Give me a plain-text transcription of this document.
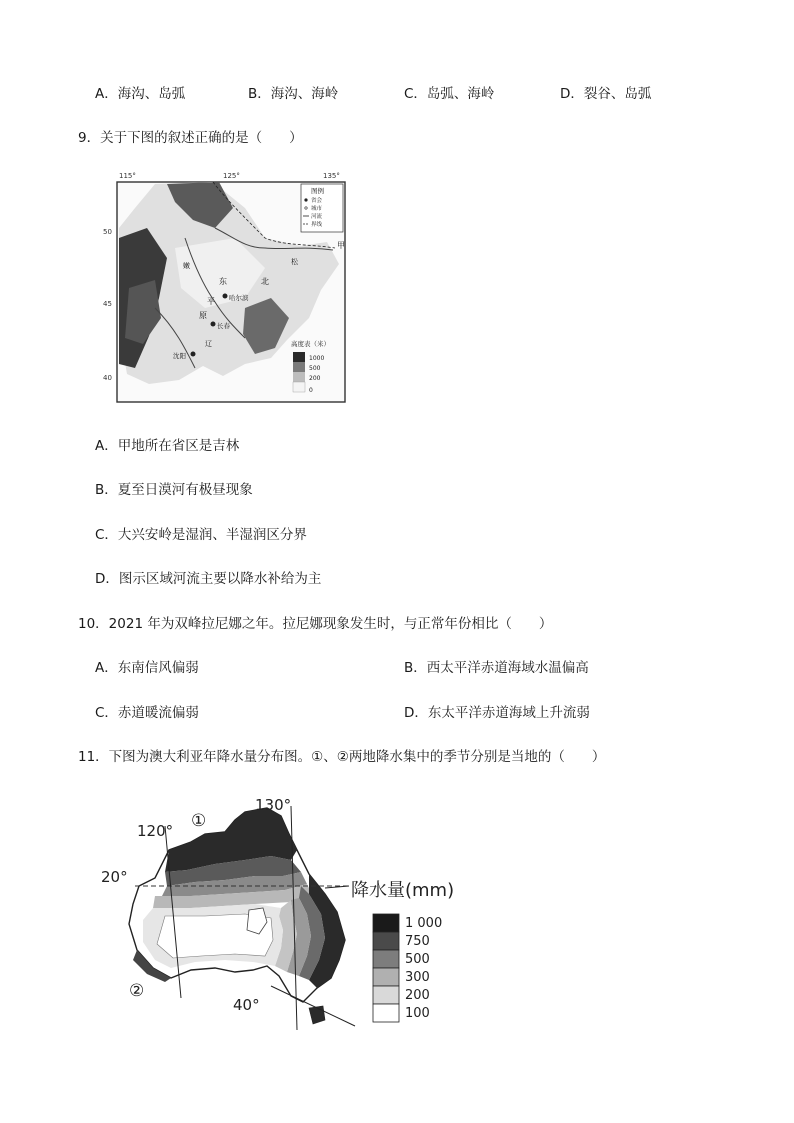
A．海沟、岛弧	B．海沟、海岭	C．岛弧、海岭	D．裂谷、岛弧
9．关于下图的叙述正确的是（　　）
115°	125°	135°
50
45
40
甲
东	北
平
原
哈尔滨
长春
沈阳
松
嫩
辽
图例
省会
城市
河流
界线
高度表（米）
1000
500
200
0
A．甲地所在省区是吉林
B．夏至日漠河有极昼现象
C．大兴安岭是湿润、半湿润区分界
D．图示区域河流主要以降水补给为主
10．2021 年为双峰拉尼娜之年。拉尼娜现象发生时，与正常年份相比（　　）
A．东南信风偏弱	B．西太平洋赤道海域水温偏高
C．赤道暖流偏弱	D．东太平洋赤道海域上升流弱
11．下图为澳大利亚年降水量分布图。①、②两地降水集中的季节分别是当地的（　　）
120°
130°
20°
40°
①
②
降水量(mm)
1 000
750
500
300
200
100
